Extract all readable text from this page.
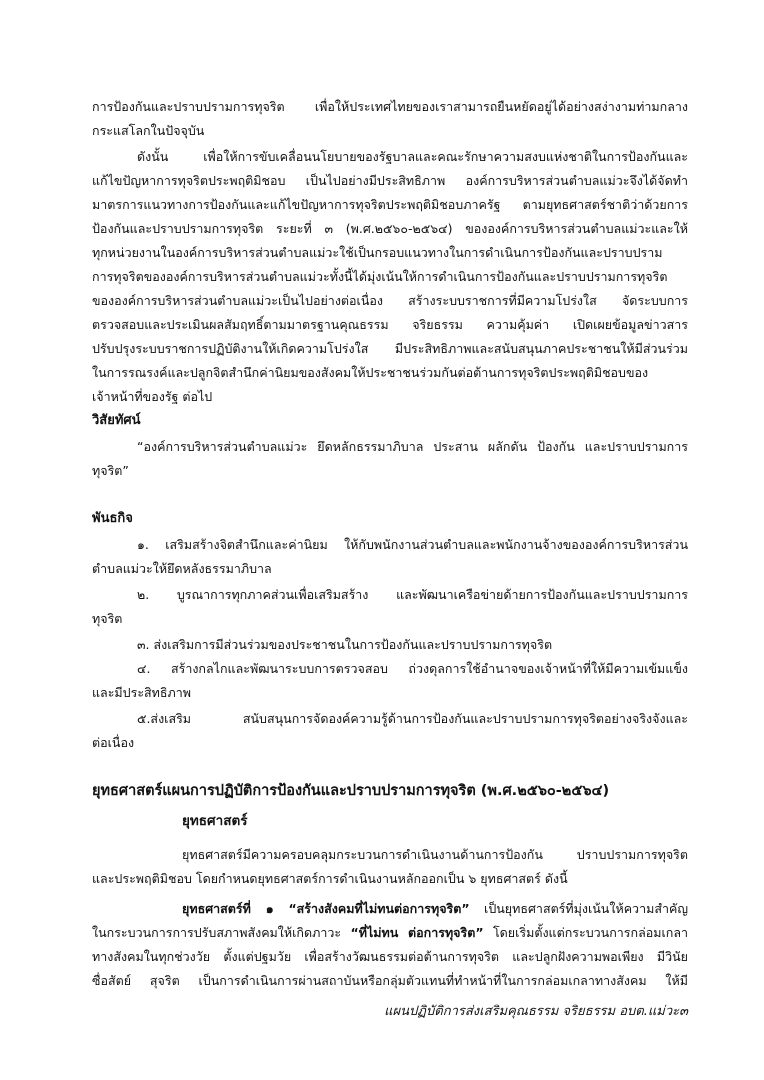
การป้องกันและปราบปรามการทุจริต เพื่อให้ประเทศไทยของเราสามารถยืนหยัดอยู่ได้อย่างสง่างามท่ามกลาง
กระแสโลกในปัจจุบัน
ดังนั้น เพื่อให้การขับเคลื่อนนโยบายของรัฐบาลและคณะรักษาความสงบแห่งชาติในการป้องกันและ
แก้ไขปัญหาการทุจริตประพฤติมิชอบ เป็นไปอย่างมีประสิทธิภาพ องค์การบริหารส่วนตำบลแม่วะจึงได้จัดทำ
มาตรการแนวทางการป้องกันและแก้ไขปัญหาการทุจริตประพฤติมิชอบภาครัฐ ตามยุทธศาสตร์ชาติว่าด้วยการ
ป้องกันและปราบปรามการทุจริต ระยะที่ ๓ (พ.ศ.๒๕๖๐-๒๕๖๔) ขององค์การบริหารส่วนตำบลแม่วะและให้
ทุกหน่วยงานในองค์การบริหารส่วนตำบลแม่วะใช้เป็นกรอบแนวทางในการดำเนินการป้องกันและปราบปราม
การทุจริตขององค์การบริหารส่วนตำบลแม่วะทั้งนี้ได้มุ่งเน้นให้การดำเนินการป้องกันและปราบปรามการทุจริต
ขององค์การบริหารส่วนตำบลแม่วะเป็นไปอย่างต่อเนื่อง สร้างระบบราชการที่มีความโปร่งใส จัดระบบการ
ตรวจสอบและประเมินผลสัมฤทธิ์ตามมาตรฐานคุณธรรม จริยธรรม ความคุ้มค่า เปิดเผยข้อมูลข่าวสาร
ปรับปรุงระบบราชการปฏิบัติงานให้เกิดความโปร่งใส มีประสิทธิภาพและสนับสนุนภาคประชาชนให้มีส่วนร่วม
ในการรณรงค์และปลูกจิตสำนึกค่านิยมของสังคมให้ประชาชนร่วมกันต่อต้านการทุจริตประพฤติมิชอบของ
เจ้าหน้าที่ของรัฐ ต่อไป
วิสัยทัศน์
“องค์การบริหารส่วนตำบลแม่วะ ยึดหลักธรรมาภิบาล ประสาน ผลักดัน ป้องกัน และปราบปรามการ
ทุจริต”
พันธกิจ
๑. เสริมสร้างจิตสำนึกและค่านิยม ให้กับพนักงานส่วนตำบลและพนักงานจ้างขององค์การบริหารส่วน
ตำบลแม่วะให้ยึดหลังธรรมาภิบาล
๒. บูรณาการทุกภาคส่วนเพื่อเสริมสร้าง และพัฒนาเครือข่ายด้ายการป้องกันและปราบปรามการ
ทุจริต
๓. ส่งเสริมการมีส่วนร่วมของประชาชนในการป้องกันและปราบปรามการทุจริต
๔. สร้างกลไกและพัฒนาระบบการตรวจสอบ ถ่วงดุลการใช้อำนาจของเจ้าหน้าที่ให้มีความเข้มแข็ง
และมีประสิทธิภาพ
๕.ส่งเสริม สนับสนุนการจัดองค์ความรู้ด้านการป้องกันและปราบปรามการทุจริตอย่างจริงจังและ
ต่อเนื่อง
ยุทธศาสตร์แผนการปฏิบัติการป้องกันและปราบปรามการทุจริต (พ.ศ.๒๕๖๐-๒๕๖๔)
ยุทธศาสตร์
ยุทธศาสตร์มีความครอบคลุมกระบวนการดำเนินงานด้านการป้องกัน ปราบปรามการทุจริต
และประพฤติมิชอบ โดยกำหนดยุทธศาสตร์การดำเนินงานหลักออกเป็น ๖ ยุทธศาสตร์ ดังนี้
ยุทธศาสตร์ที่ ๑ “สร้างสังคมที่ไม่ทนต่อการทุจริต” เป็นยุทธศาสตร์ที่มุ่งเน้นให้ความสำคัญ
ในกระบวนการการปรับสภาพสังคมให้เกิดภาวะ “ที่ไม่ทน ต่อการทุจริต” โดยเริ่มตั้งแต่กระบวนการกล่อมเกลา
ทางสังคมในทุกช่วงวัย ตั้งแต่ปฐมวัย เพื่อสร้างวัฒนธรรมต่อต้านการทุจริต และปลูกฝังความพอเพียง มีวินัย
ซื่อสัตย์ สุจริต เป็นการดำเนินการผ่านสถาบันหรือกลุ่มตัวแทนที่ทำหน้าที่ในการกล่อมเกลาทางสังคม ให้มี
แผนปฏิบัติการส่งเสริมคุณธรรม จริยธรรม อบต.แม่วะ๓
